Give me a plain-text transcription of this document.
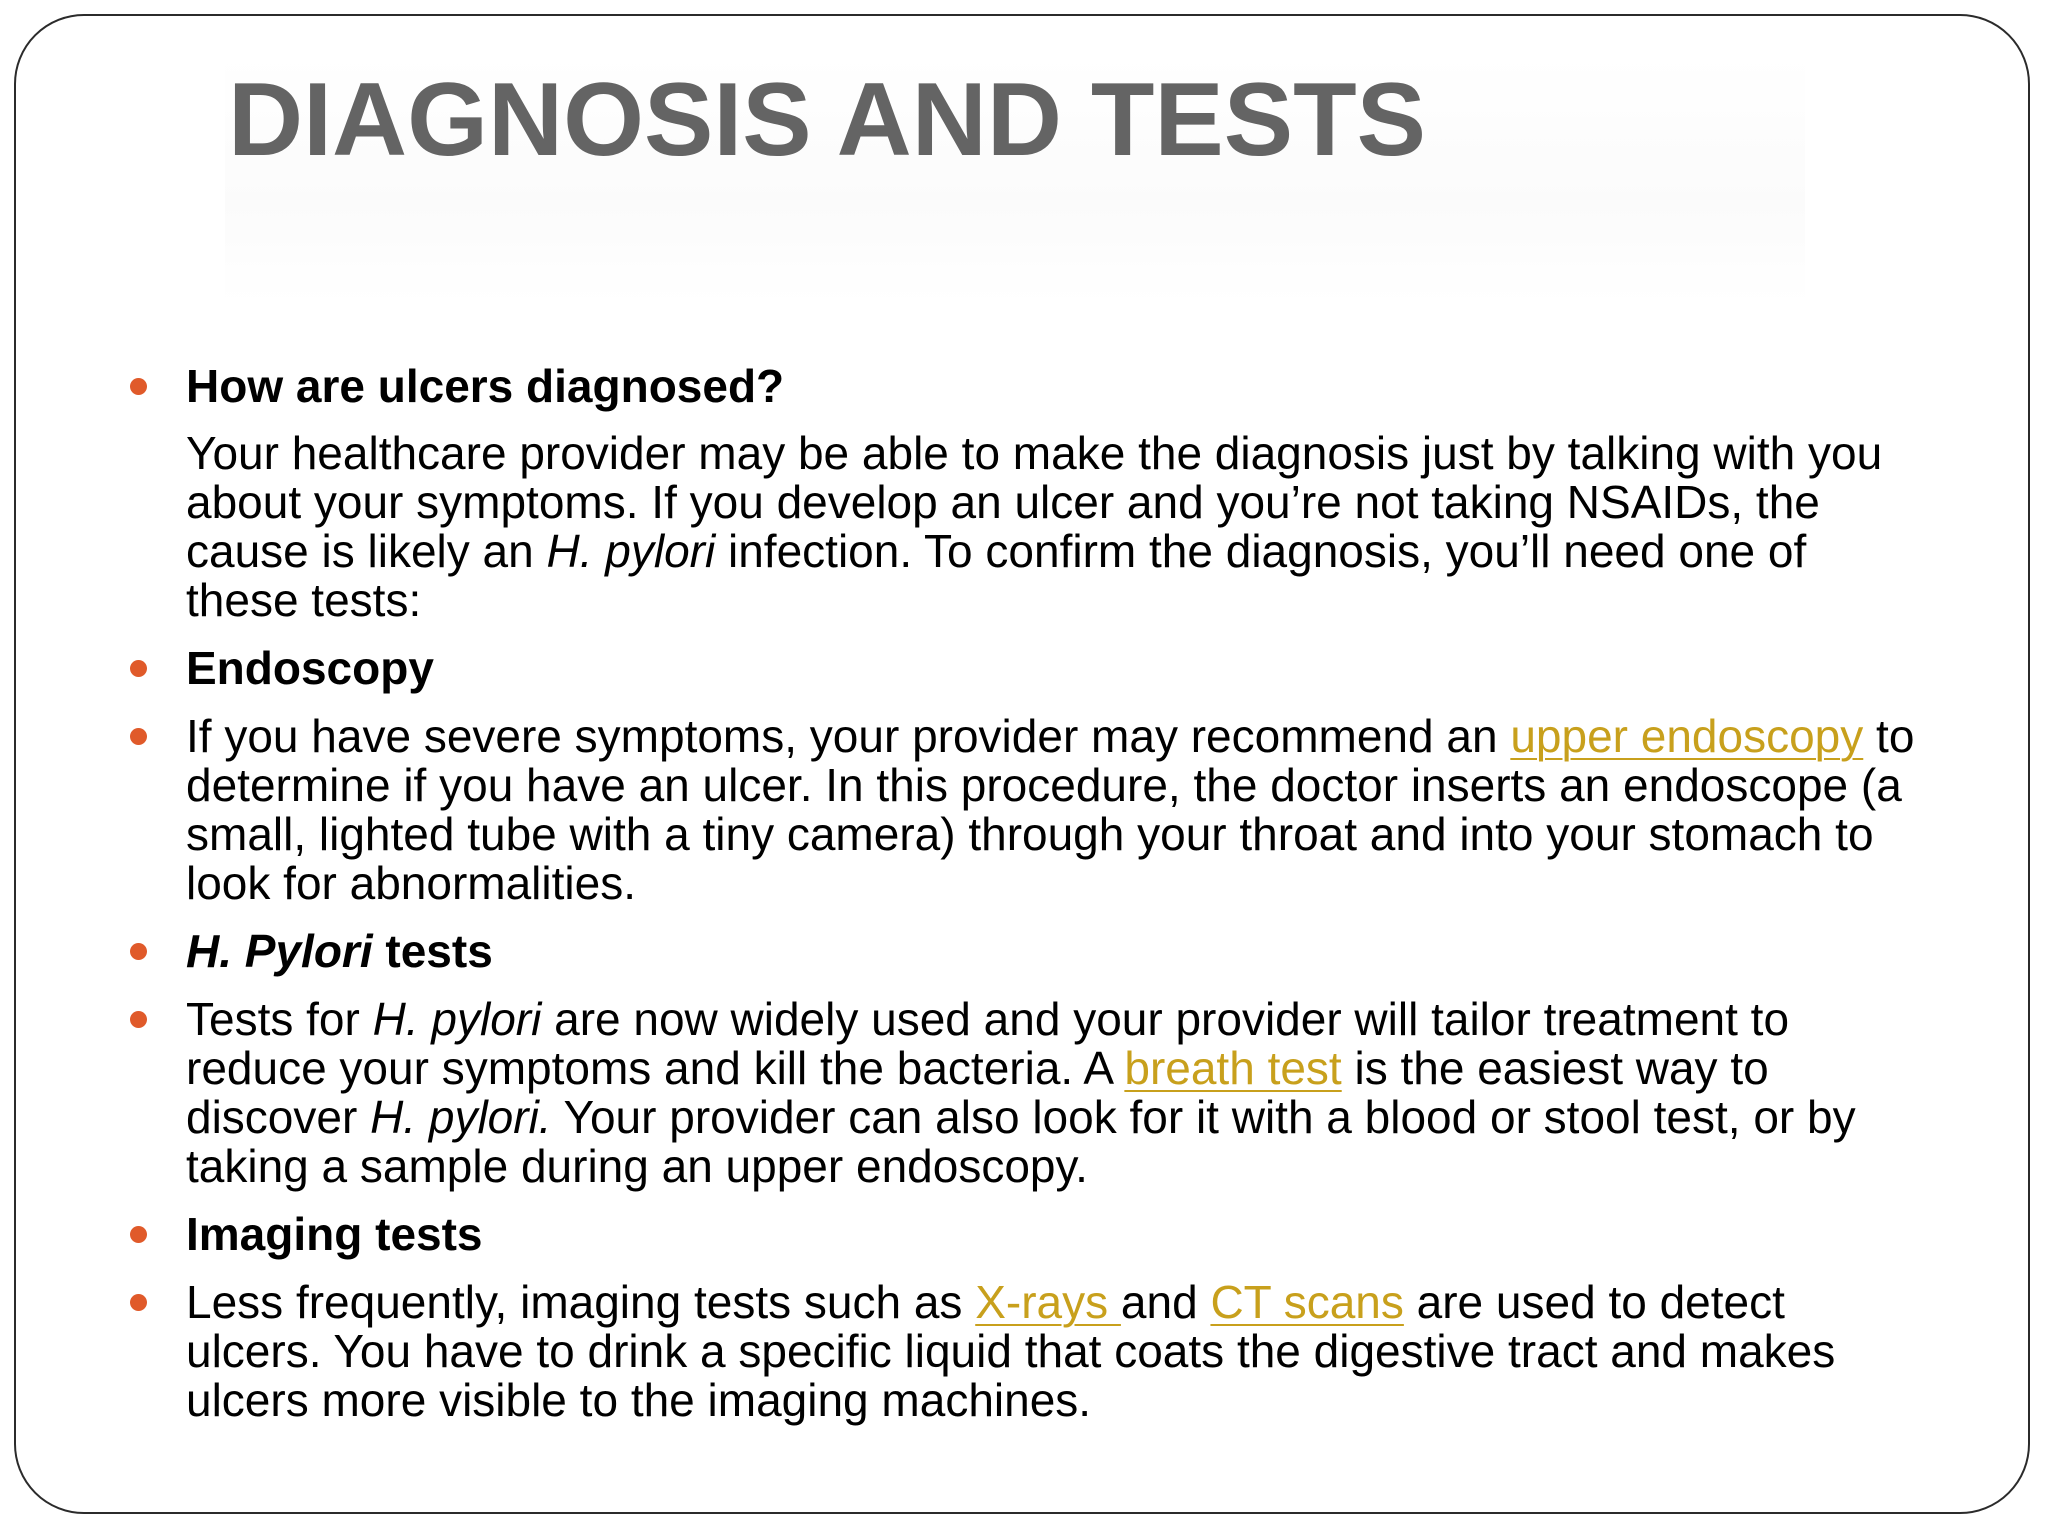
DIAGNOSIS AND TESTS

How are ulcers diagnosed?

Your healthcare provider may be able to make the diagnosis just by talking with you about your symptoms. If you develop an ulcer and you’re not taking NSAIDs, the cause is likely an H. pylori infection. To confirm the diagnosis, you’ll need one of these tests:

Endoscopy

If you have severe symptoms, your provider may recommend an upper endoscopy to determine if you have an ulcer. In this procedure, the doctor inserts an endoscope (a small, lighted tube with a tiny camera) through your throat and into your stomach to look for abnormalities.

H. Pylori tests

Tests for H. pylori are now widely used and your provider will tailor treatment to reduce your symptoms and kill the bacteria. A breath test is the easiest way to discover H. pylori. Your provider can also look for it with a blood or stool test, or by taking a sample during an upper endoscopy.

Imaging tests

Less frequently, imaging tests such as X-rays and CT scans are used to detect ulcers. You have to drink a specific liquid that coats the digestive tract and makes ulcers more visible to the imaging machines.
